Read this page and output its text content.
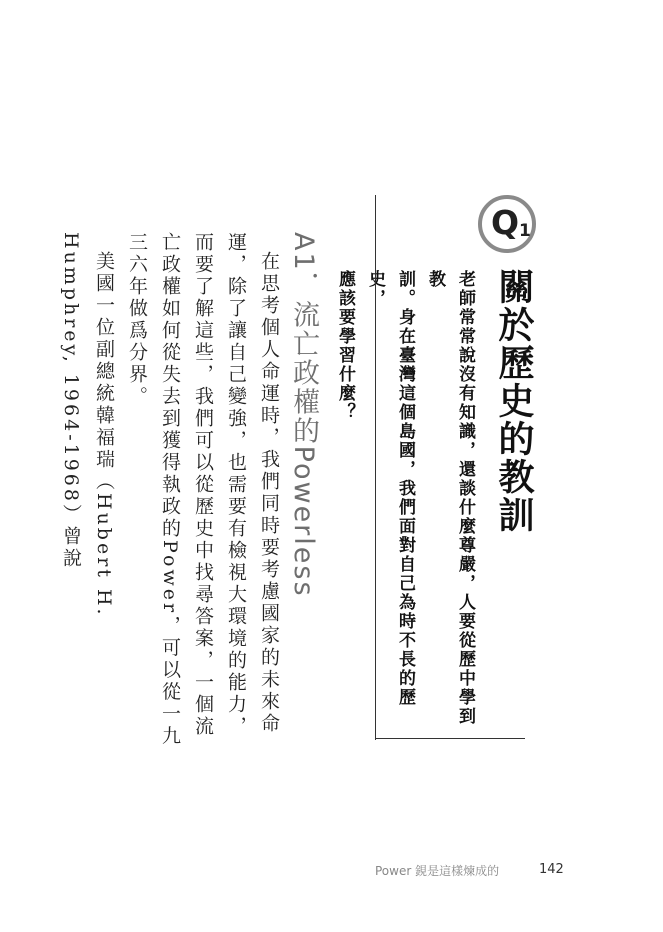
Q 1
關於歷史的教訓
老師常常說沒有知識，還談什麼尊嚴，人要從歷中學到教
訓。身在臺灣這個島國，我們面對自己為時不長的歷史，
應該要學習什麼？
A1．流亡政權的Powerless
在思考個人命運時，我們同時要考慮國家的未來命運，除了讓自己變強，也需要有檢視大環境的能力，而要了解這些，我們可以從歷史中找尋答案，一個流亡政權如何從失去到獲得執政的Power，可以從一九三六年做爲分界。
美國一位副總統韓福瑞（Hubert H. Humphrey, 1964-1968）曾說
Power 鋧是這樣煉成的	142
